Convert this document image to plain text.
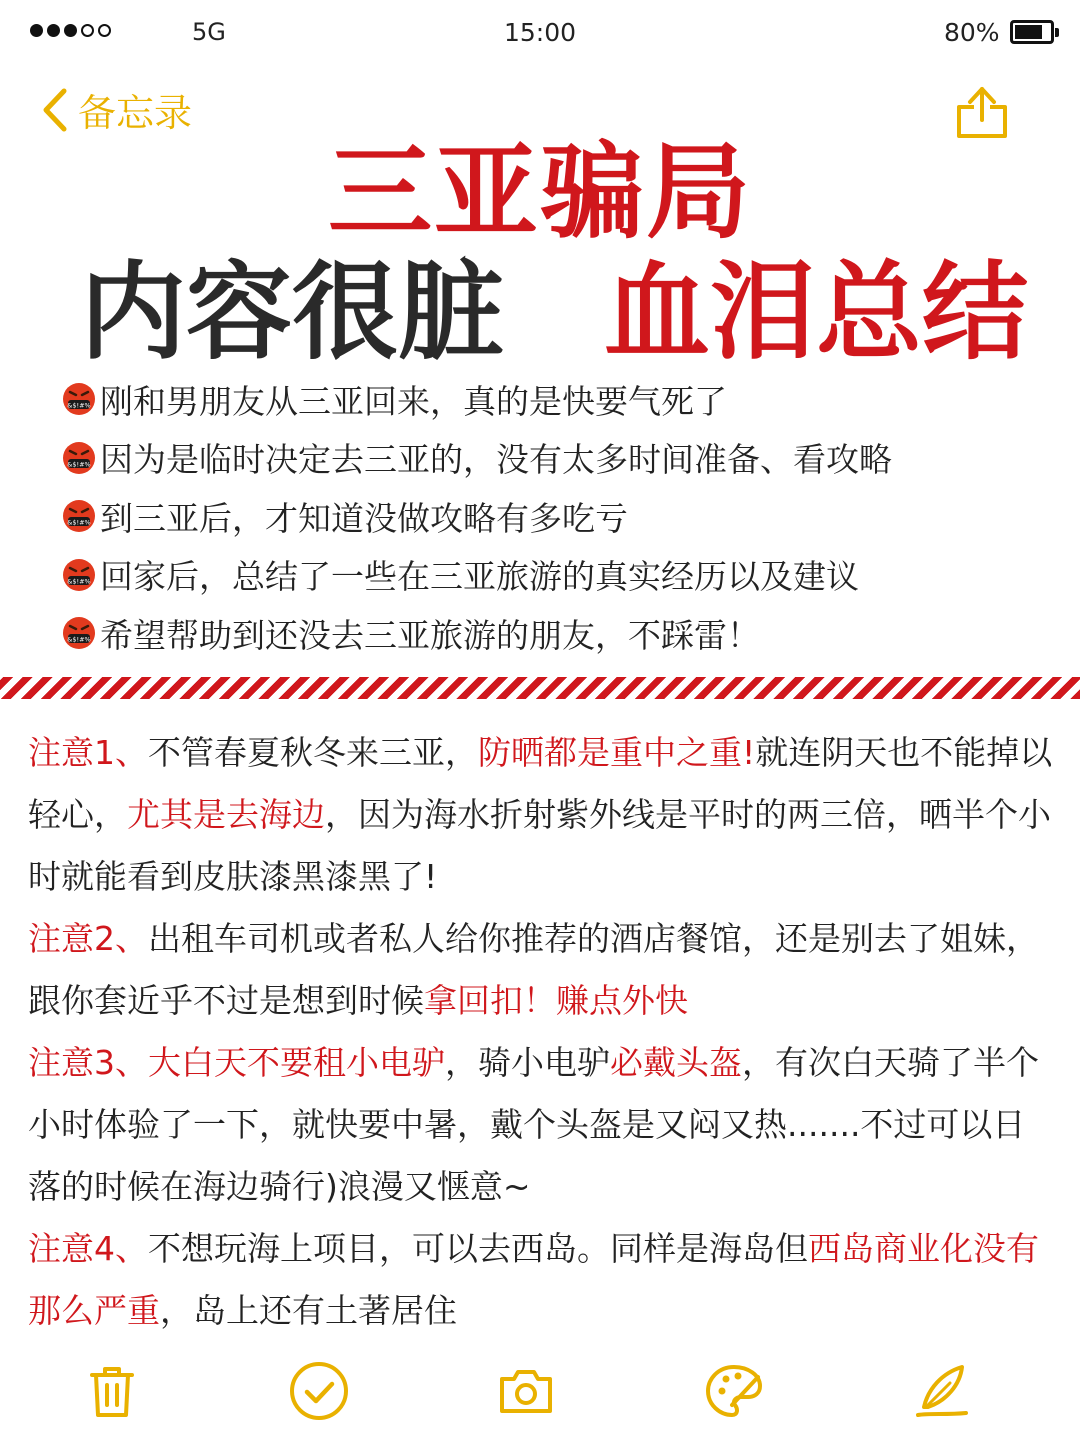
5G	15:00	80%
备忘录
三亚骗局
内容很脏 血泪总结
&$!#% 刚和男朋友从三亚回来，真的是快要气死了
&$!#% 因为是临时决定去三亚的，没有太多时间准备、看攻略
&$!#% 到三亚后，才知道没做攻略有多吃亏
&$!#% 回家后，总结了一些在三亚旅游的真实经历以及建议
&$!#% 希望帮助到还没去三亚旅游的朋友，不踩雷！
注意1、不管春夏秋冬来三亚，防晒都是重中之重!就连阴天也不能掉以轻心，尤其是去海边，因为海水折射紫外线是平时的两三倍，晒半个小时就能看到皮肤漆黑漆黑了!
注意2、出租车司机或者私人给你推荐的酒店餐馆，还是别去了姐妹，跟你套近乎不过是想到时候拿回扣！赚点外快
注意3、大白天不要租小电驴，骑小电驴必戴头盔，有次白天骑了半个小时体验了一下，就快要中暑，戴个头盔是又闷又热.......不过可以日落的时候在海边骑行)浪漫又惬意~
注意4、不想玩海上项目，可以去西岛。同样是海岛但西岛商业化没有那么严重，岛上还有土著居住
